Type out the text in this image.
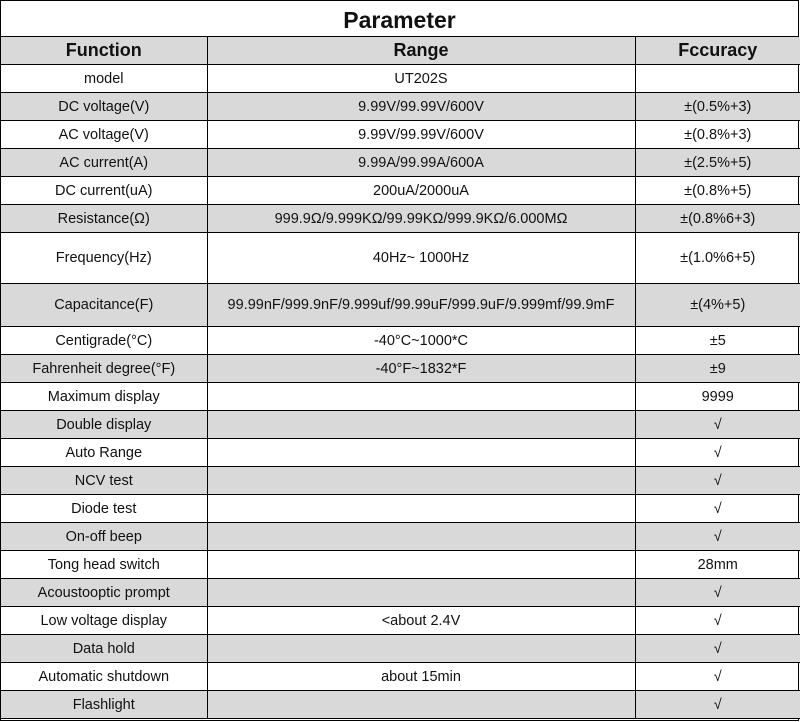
Parameter
Function	Range	Fccuracy
model	UT202S	
DC voltage(V)	9.99V/99.99V/600V	±(0.5%+3)
AC voltage(V)	9.99V/99.99V/600V	±(0.8%+3)
AC current(A)	9.99A/99.99A/600A	±(2.5%+5)
DC current(uA)	200uA/2000uA	±(0.8%+5)
Resistance(Ω)	999.9Ω/9.999KΩ/99.99KΩ/999.9KΩ/6.000MΩ	±(0.8%6+3)
Frequency(Hz)	40Hz~ 1000Hz	±(1.0%6+5)
Capacitance(F)	99.99nF/999.9nF/9.999uf/99.99uF/999.9uF/9.999mf/99.9mF	±(4%+5)
Centigrade(°C)	-40°C~1000*C	±5
Fahrenheit degree(°F)	-40°F~1832*F	±9
Maximum display		9999
Double display		√
Auto Range		√
NCV test		√
Diode test		√
On-off beep		√
Tong head switch		28mm
Acoustooptic prompt		√
Low voltage display	<about 2.4V	√
Data hold		√
Automatic shutdown	about 15min	√
Flashlight		√
